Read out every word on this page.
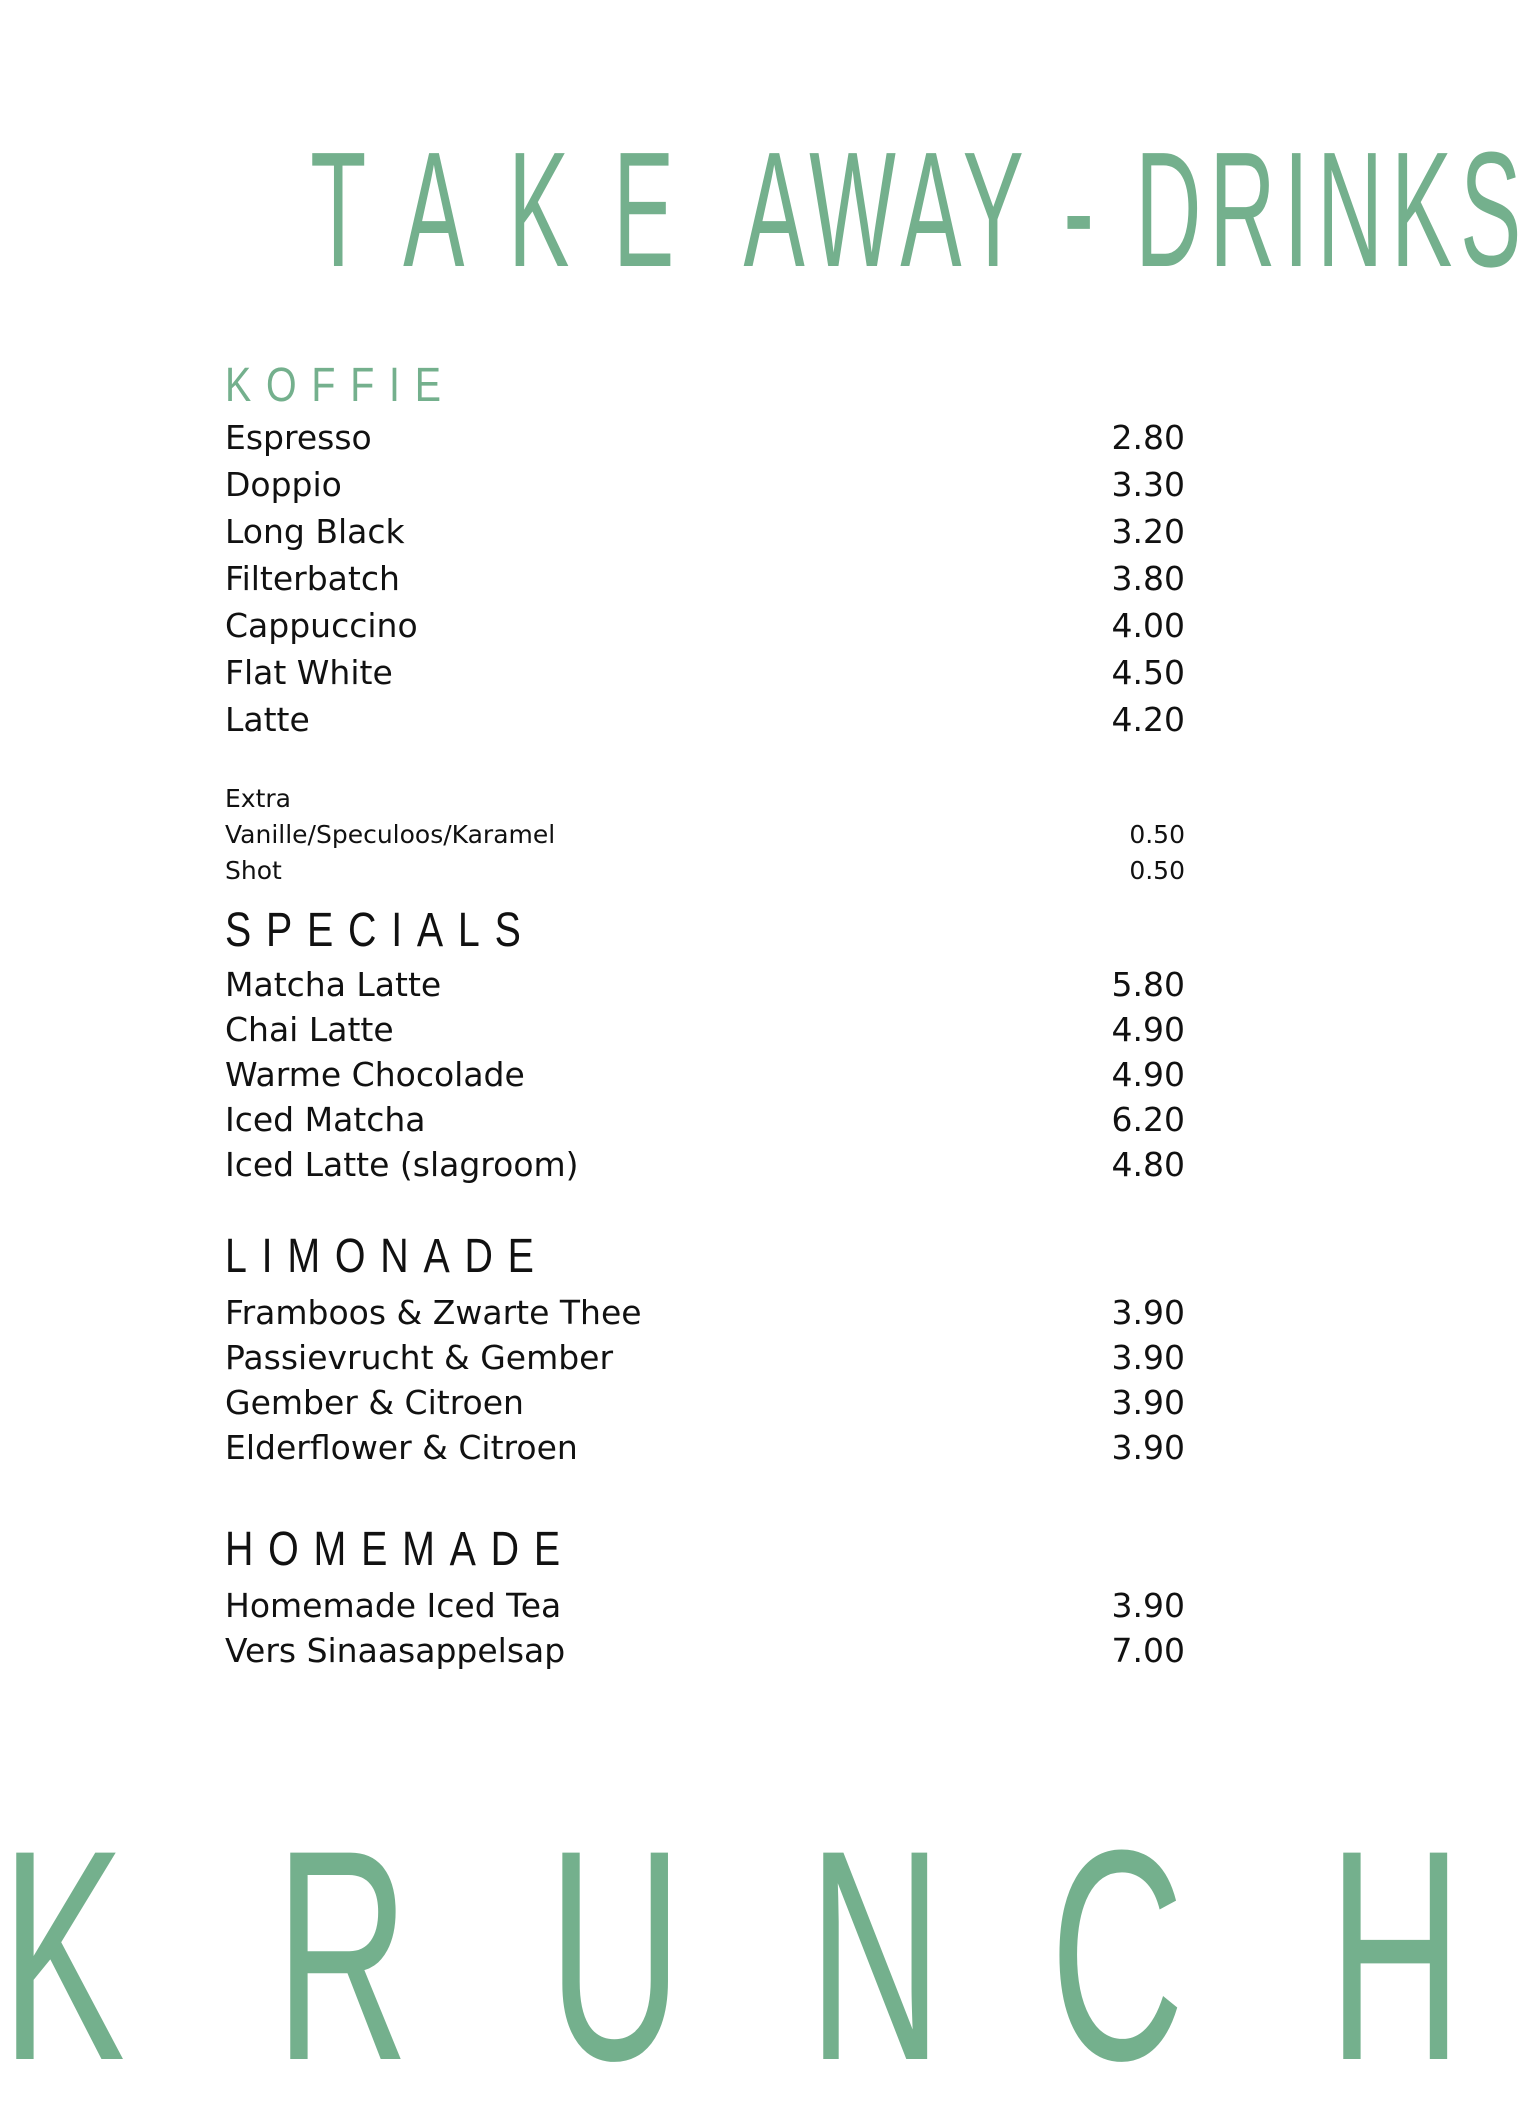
TAKE AWAY - DRINKS
KOFFIE
Espresso	2.80
Doppio	3.30
Long Black	3.20
Filterbatch	3.80
Cappuccino	4.00
Flat White	4.50
Latte	4.20
Extra
Vanille/Speculoos/Karamel	0.50
Shot	0.50
SPECIALS
Matcha Latte	5.80
Chai Latte	4.90
Warme Chocolade	4.90
Iced Matcha	6.20
Iced Latte (slagroom)	4.80
LIMONADE
Framboos & Zwarte Thee	3.90
Passievrucht & Gember	3.90
Gember & Citroen	3.90
Elderflower & Citroen	3.90
HOMEMADE
Homemade Iced Tea	3.90
Vers Sinaasappelsap	7.00
K R U N C H
